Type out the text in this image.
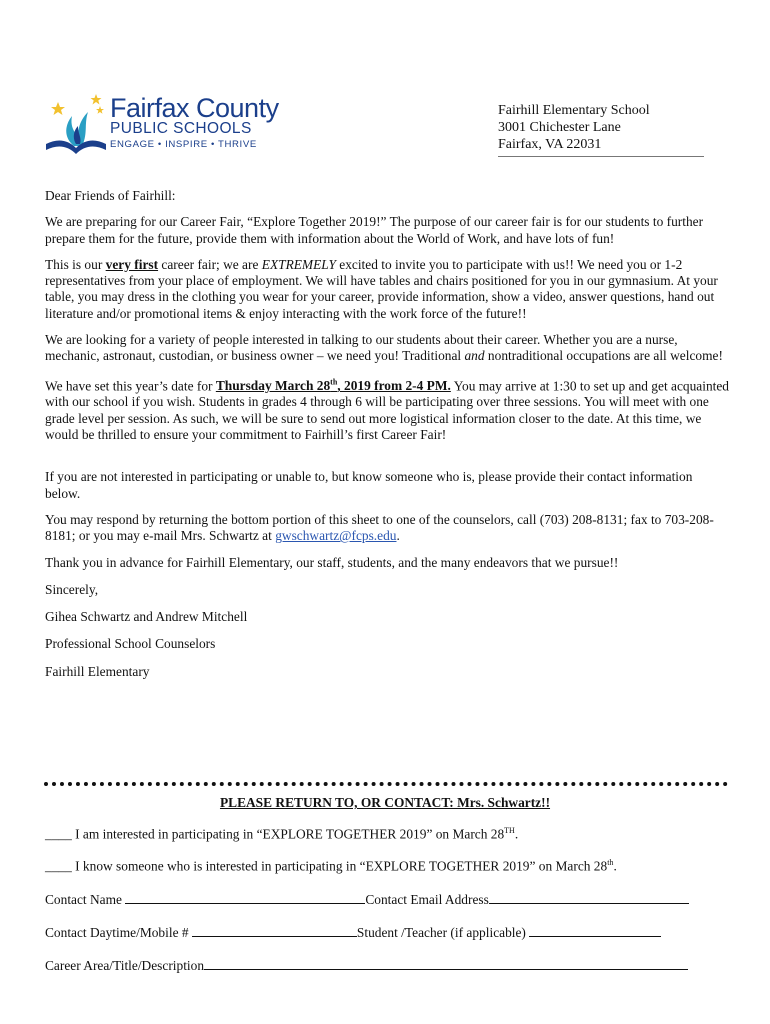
Fairfax County
PUBLIC SCHOOLS
ENGAGE • INSPIRE • THRIVE
Fairhill Elementary School
3001 Chichester Lane
Fairfax, VA 22031

Dear Friends of Fairhill:

We are preparing for our Career Fair, “Explore Together 2019!” The purpose of our career fair is for our students to further prepare them for the future, provide them with information about the World of Work, and have lots of fun!

This is our very first career fair; we are EXTREMELY excited to invite you to participate with us!! We need you or 1-2 representatives from your place of employment. We will have tables and chairs positioned for you in our gymnasium. At your table, you may dress in the clothing you wear for your career, provide information, show a video, answer questions, hand out literature and/or promotional items & enjoy interacting with the work force of the future!!

We are looking for a variety of people interested in talking to our students about their career. Whether you are a nurse, mechanic, astronaut, custodian, or business owner – we need you! Traditional and nontraditional occupations are all welcome!

We have set this year’s date for Thursday March 28th, 2019 from 2-4 PM. You may arrive at 1:30 to set up and get acquainted with our school if you wish. Students in grades 4 through 6 will be participating over three sessions. You will meet with one grade level per session. As such, we will be sure to send out more logistical information closer to the date. At this time, we would be thrilled to ensure your commitment to Fairhill’s first Career Fair!

If you are not interested in participating or unable to, but know someone who is, please provide their contact information below.

You may respond by returning the bottom portion of this sheet to one of the counselors, call (703) 208-8131; fax to 703-208-8181; or you may e-mail Mrs. Schwartz at gwschwartz@fcps.edu.

Thank you in advance for Fairhill Elementary, our staff, students, and the many endeavors that we pursue!!

Sincerely,

Gihea Schwartz and Andrew Mitchell

Professional School Counselors

Fairhill Elementary

PLEASE RETURN TO, OR CONTACT: Mrs. Schwartz!!
____ I am interested in participating in “EXPLORE TOGETHER 2019” on March 28TH.
____ I know someone who is interested in participating in “EXPLORE TOGETHER 2019” on March 28th.
Contact Name	Contact Email Address
Contact Daytime/Mobile #	Student /Teacher (if applicable)
Career Area/Title/Description
